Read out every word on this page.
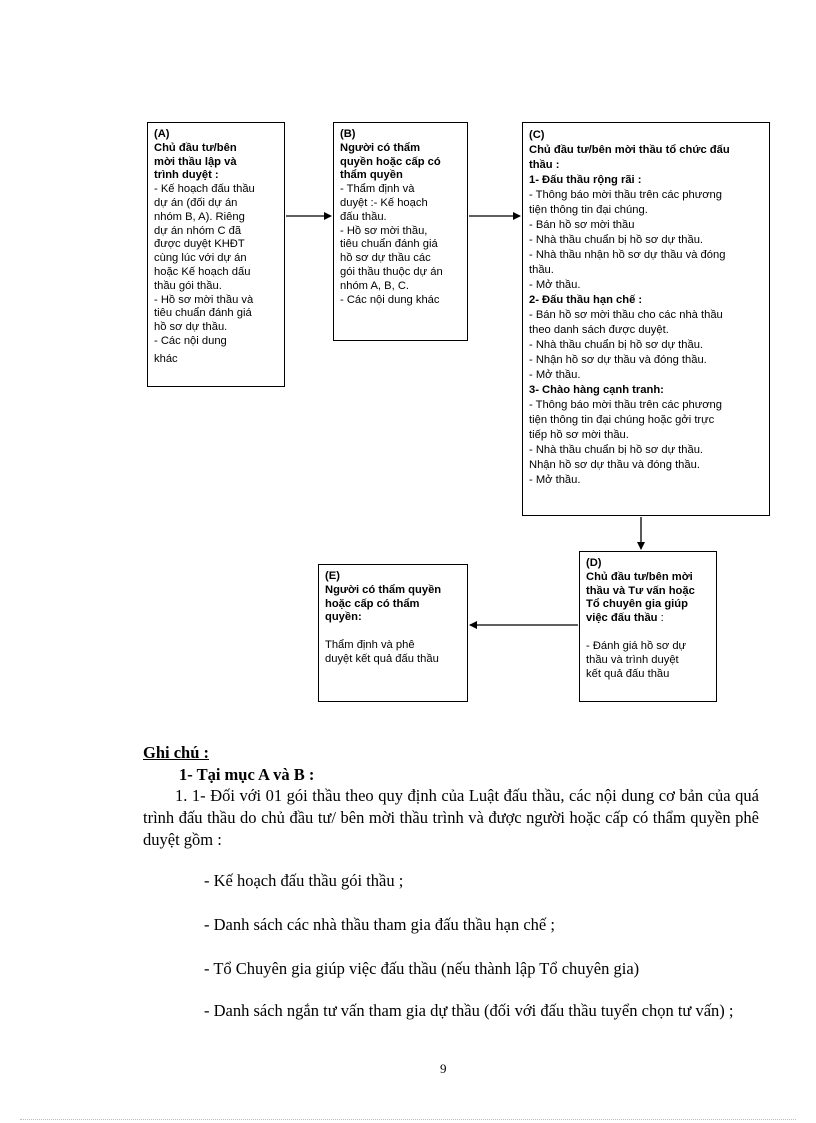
(A)
Chủ đầu tư/bên
mời thầu lập và
trình duyệt :
- Kế hoạch đấu thầu
dự án (đối dự án
nhóm B, A). Riêng
dự án nhóm C đã
được duyệt KHĐT
cùng lúc với dự án
hoặc Kế hoạch dấu
thầu gói thầu.
- Hồ sơ mời thầu và
tiêu chuẩn đánh giá
hồ sơ dự thầu.
- Các nội dung
khác
(B)
Người có thẩm
quyền hoặc cấp có
thẩm quyền
- Thẩm định và
duyệt :- Kế hoạch
đấu thầu.
- Hồ sơ mời thầu,
tiêu chuẩn đánh giá
hồ sơ dự thầu các
gói thầu thuộc dự án
nhóm A, B, C.
- Các nội dung khác
(C)
Chủ đầu tư/bên mời thầu tổ chức đấu
thầu :
1- Đấu thầu rộng rãi :
- Thông báo mời thầu trên các phương
tiện thông tin đại chúng.
- Bán hồ sơ mời thầu
- Nhà thầu chuẩn bị hồ sơ dự thầu.
- Nhà thầu nhận hồ sơ dự thầu và đóng
thầu.
- Mở thầu.
2- Đấu thầu hạn chế :
- Bán hồ sơ mời thầu cho các nhà thầu
theo danh sách được duyệt.
- Nhà thầu chuẩn bị hồ sơ dự thầu.
- Nhận hồ sơ dự thầu và đóng thầu.
- Mở thầu.
3- Chào hàng cạnh tranh:
- Thông báo mời thầu trên các phương
tiện thông tin đại chúng hoặc gởi trực
tiếp hồ sơ mời thầu.
- Nhà thầu chuẩn bị hồ sơ dự thầu.
Nhận hồ sơ dự thầu và đóng thầu.
- Mở thầu.
(D)
Chủ đầu tư/bên mời
thầu và Tư vấn hoặc
Tổ chuyên gia giúp
việc đấu thầu :
- Đánh giá hồ sơ dự
thầu và trình duyệt
kết quả đấu thầu
(E)
Người có thẩm quyền
hoặc cấp có thẩm
quyền:
Thẩm định và phê
duyệt kết quả đấu thầu
Ghi chú :
1- Tại mục A và B :
1. 1- Đối với 01 gói thầu theo quy định của Luật đấu thầu, các nội dung cơ bản của quá trình đấu thầu do chủ đầu tư/ bên mời thầu trình và được người hoặc cấp có thẩm quyền phê duyệt gồm :
- Kế hoạch đấu thầu gói thầu ;
- Danh sách các nhà thầu tham gia đấu thầu hạn chế ;
- Tổ Chuyên gia giúp việc đấu thầu (nếu thành lập Tổ chuyên gia)
- Danh sách ngắn tư vấn tham gia dự thầu (đối với đấu thầu tuyển chọn tư vấn) ;
9
